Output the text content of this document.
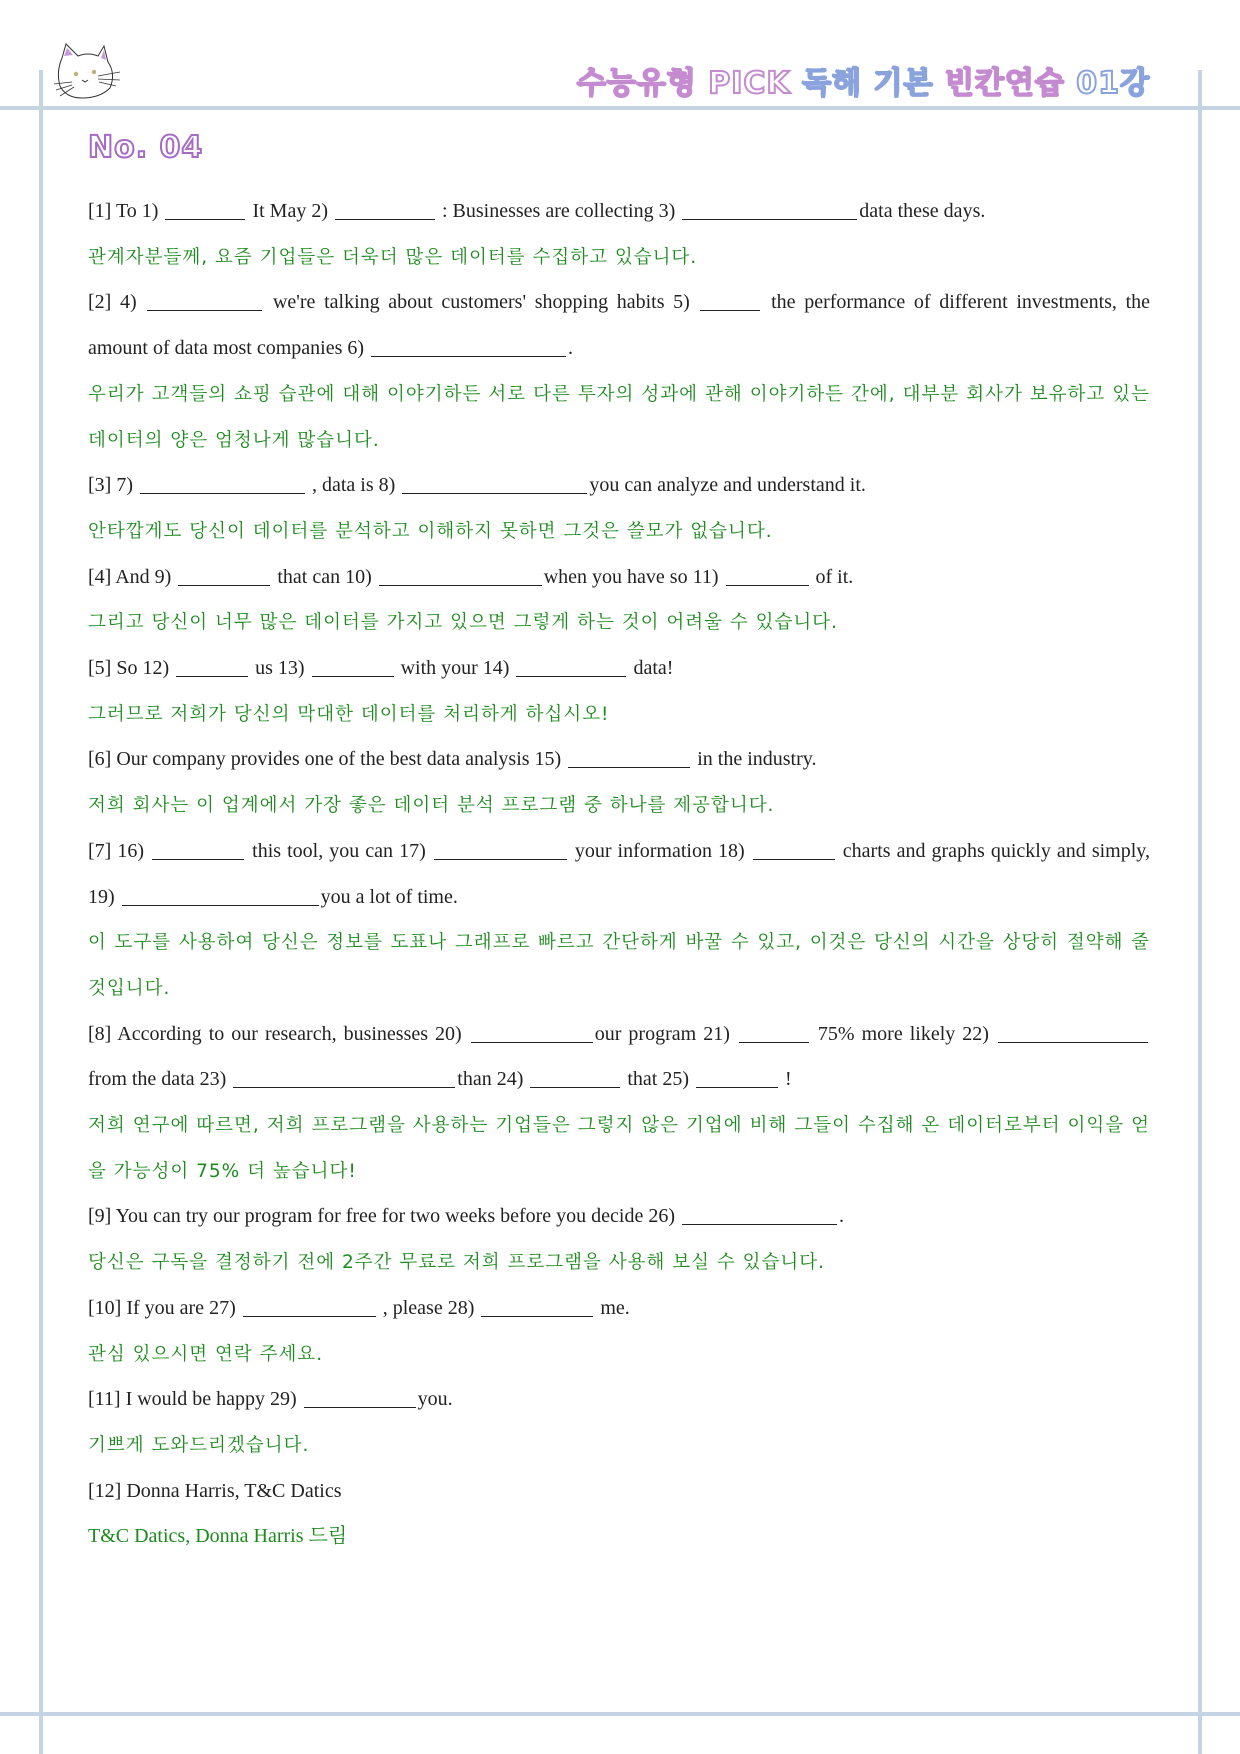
수능유형 PICK 독해 기본 빈칸연습 01강
No. 04
[1] To 1)	It May 2)	: Businesses are collecting 3)	data these days.
관계자분들께, 요즘 기업들은 더욱더 많은 데이터를 수집하고 있습니다.
[2] 4)	we're talking about customers' shopping habits 5)	the performance of different investments, the amount of data most companies 6)	.
우리가 고객들의 쇼핑 습관에 대해 이야기하든 서로 다른 투자의 성과에 관해 이야기하든 간에, 대부분 회사가 보유하고 있는 데이터의 양은 엄청나게 많습니다.
[3] 7)	, data is 8)	you can analyze and understand it.
안타깝게도 당신이 데이터를 분석하고 이해하지 못하면 그것은 쓸모가 없습니다.
[4] And 9)	that can 10)	when you have so 11)	of it.
그리고 당신이 너무 많은 데이터를 가지고 있으면 그렇게 하는 것이 어려울 수 있습니다.
[5] So 12)	us 13)	with your 14)	data!
그러므로 저희가 당신의 막대한 데이터를 처리하게 하십시오!
[6] Our company provides one of the best data analysis 15)	in the industry.
저희 회사는 이 업계에서 가장 좋은 데이터 분석 프로그램 중 하나를 제공합니다.
[7] 16)	this tool, you can 17)	your information 18)	charts and graphs quickly and simply, 19)	you a lot of time.
이 도구를 사용하여 당신은 정보를 도표나 그래프로 빠르고 간단하게 바꿀 수 있고, 이것은 당신의 시간을 상당히 절약해 줄 것입니다.
[8] According to our research, businesses 20)	our program 21)	75% more likely 22) from the data 23)	than 24)	that 25)	!
저희 연구에 따르면, 저희 프로그램을 사용하는 기업들은 그렇지 않은 기업에 비해 그들이 수집해 온 데이터로부터 이익을 얻을 가능성이 75% 더 높습니다!
[9] You can try our program for free for two weeks before you decide 26)	.
당신은 구독을 결정하기 전에 2주간 무료로 저희 프로그램을 사용해 보실 수 있습니다.
[10] If you are 27)	, please 28)	me.
관심 있으시면 연락 주세요.
[11] I would be happy 29)	you.
기쁘게 도와드리겠습니다.
[12] Donna Harris, T&C Datics
T&C Datics, Donna Harris 드림
